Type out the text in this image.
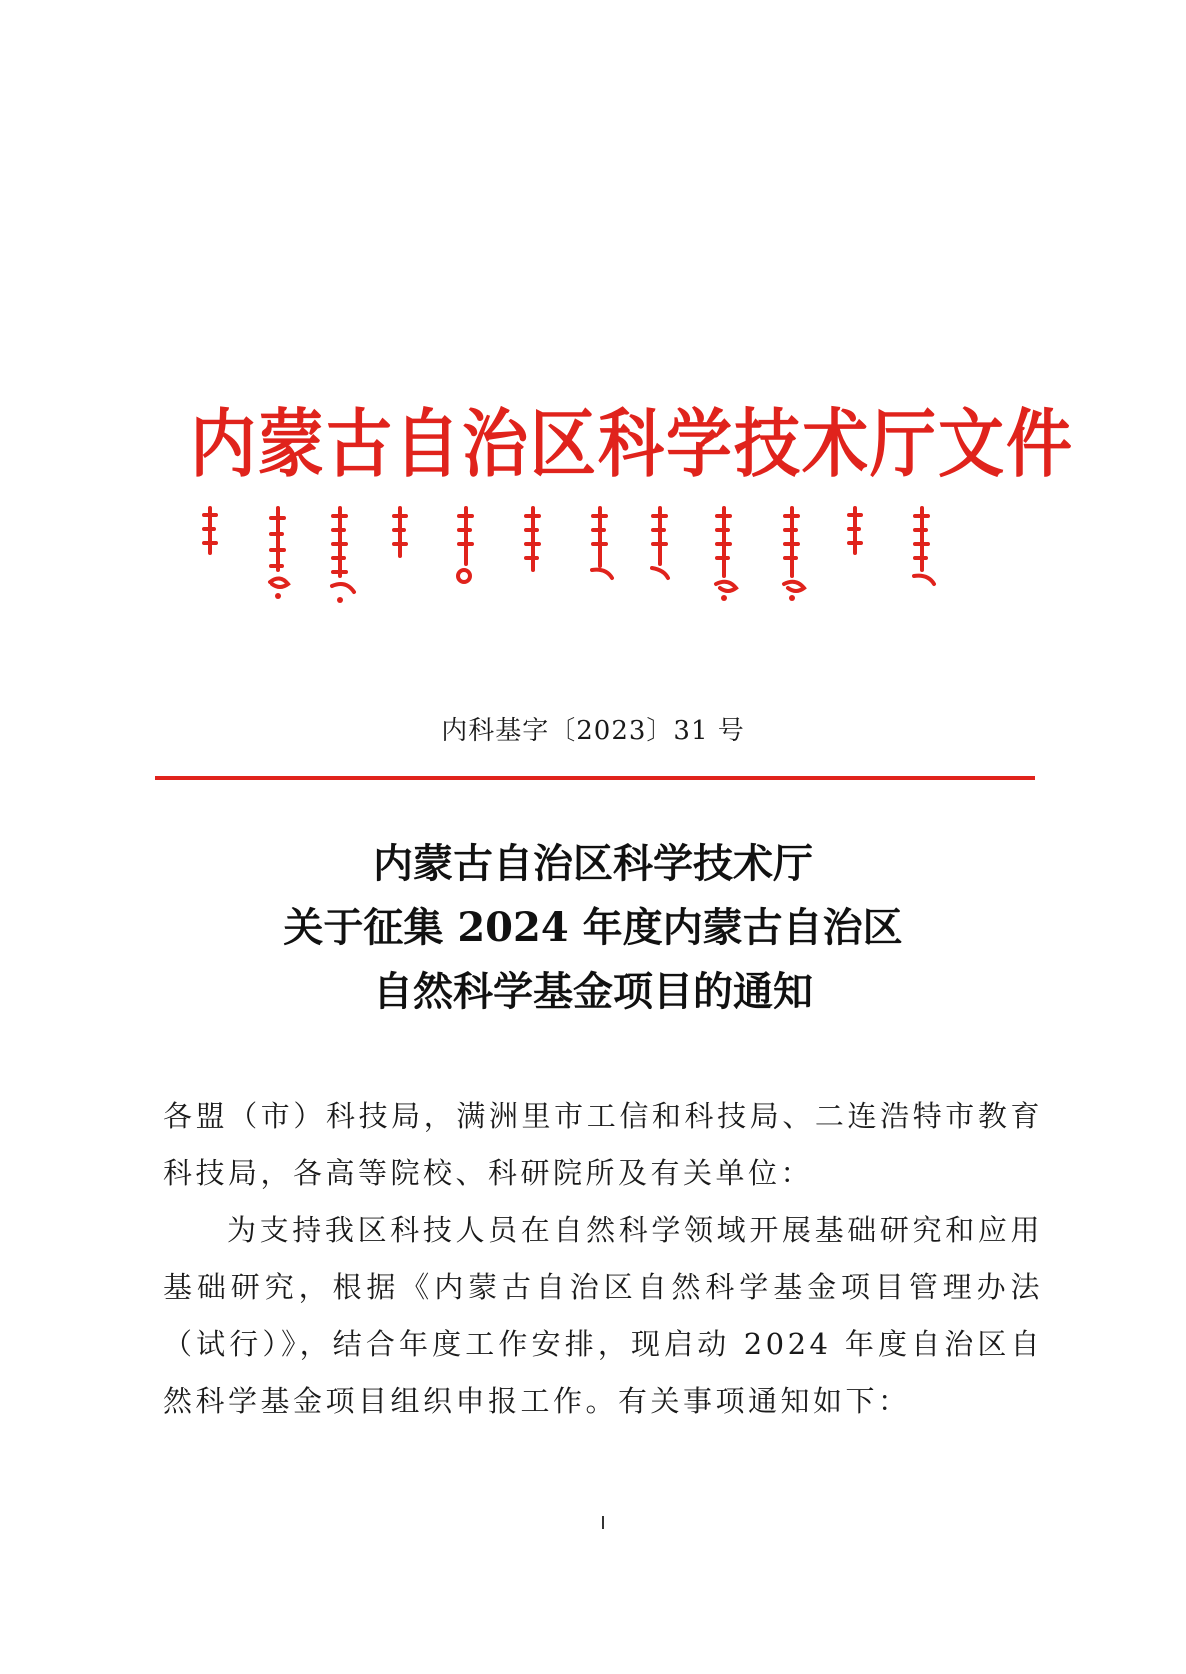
内蒙古自治区科学技术厅文件
内科基字〔2023〕31 号
内蒙古自治区科学技术厅
关于征集 2024 年度内蒙古自治区
自然科学基金项目的通知

各盟（市）科技局，满洲里市工信和科技局、二连浩特市教育科技局，各高等院校、科研院所及有关单位：

为支持我区科技人员在自然科学领域开展基础研究和应用基础研究，根据《内蒙古自治区自然科学基金项目管理办法（试行）》，结合年度工作安排，现启动 2024 年度自治区自然科学基金项目组织申报工作。有关事项通知如下：
